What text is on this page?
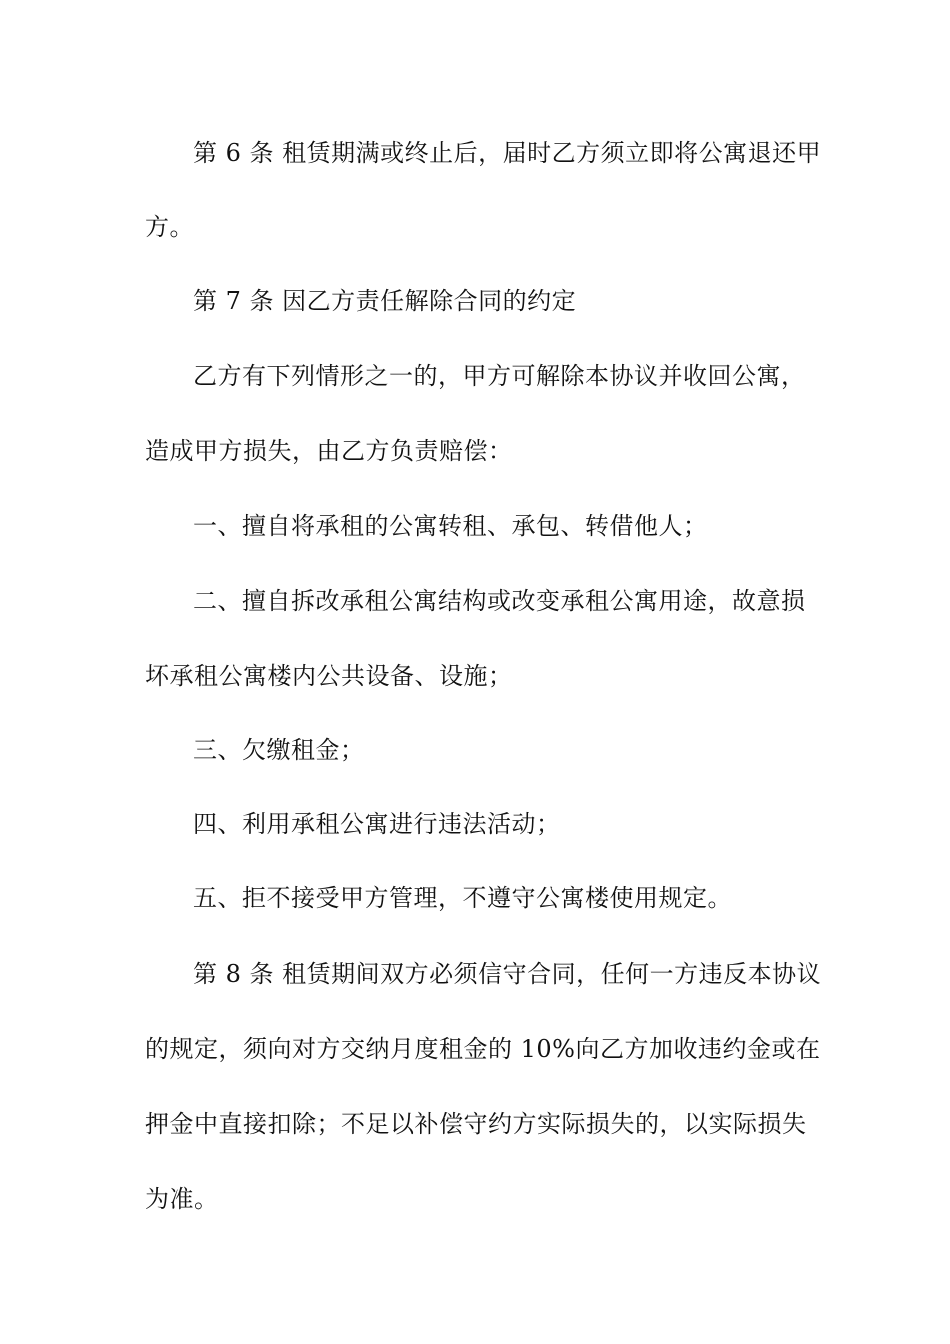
第 6 条 租赁期满或终止后，届时乙方须立即将公寓退还甲
方。
第 7 条 因乙方责任解除合同的约定
乙方有下列情形之一的，甲方可解除本协议并收回公寓，
造成甲方损失，由乙方负责赔偿：
一、擅自将承租的公寓转租、承包、转借他人；
二、擅自拆改承租公寓结构或改变承租公寓用途，故意损
坏承租公寓楼内公共设备、设施；
三、欠缴租金；
四、利用承租公寓进行违法活动；
五、拒不接受甲方管理，不遵守公寓楼使用规定。
第 8 条 租赁期间双方必须信守合同，任何一方违反本协议
的规定，须向对方交纳月度租金的 10%向乙方加收违约金或在
押金中直接扣除；不足以补偿守约方实际损失的，以实际损失
为准。
